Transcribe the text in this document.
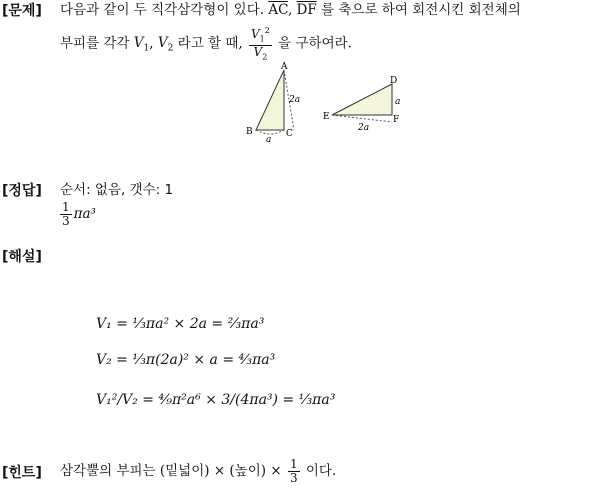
[문제] 다음과 같이 두 직각삼각형이 있다. $\overline{AC}$, $\overline{DF}$ 를 축으로 하여 회전시킨 회전체의
부피를 각각 $V_1$, $V_2$ 라고 할 때, $\frac{V_1^2}{V_2}$ 을 구하여라.
A
B	C
2a
a
D
E	F
a
2a
[정답] 순서: 없음, 갯수: 1
$\frac{1}{3} \pi a^3$
[해설]
V₁ = ⅓πa² × 2a = ⅔πa³
V₂ = ⅓π(2a)² × a = ⁴⁄₃πa³
V₁²/V₂ = ⁴⁄₉π²a⁶ × 3/(4πa³) = ⅓πa³
[힌트] 삼각뿔의 부피는 (밑넓이) × (높이) × $\frac{1}{3}$ 이다.
